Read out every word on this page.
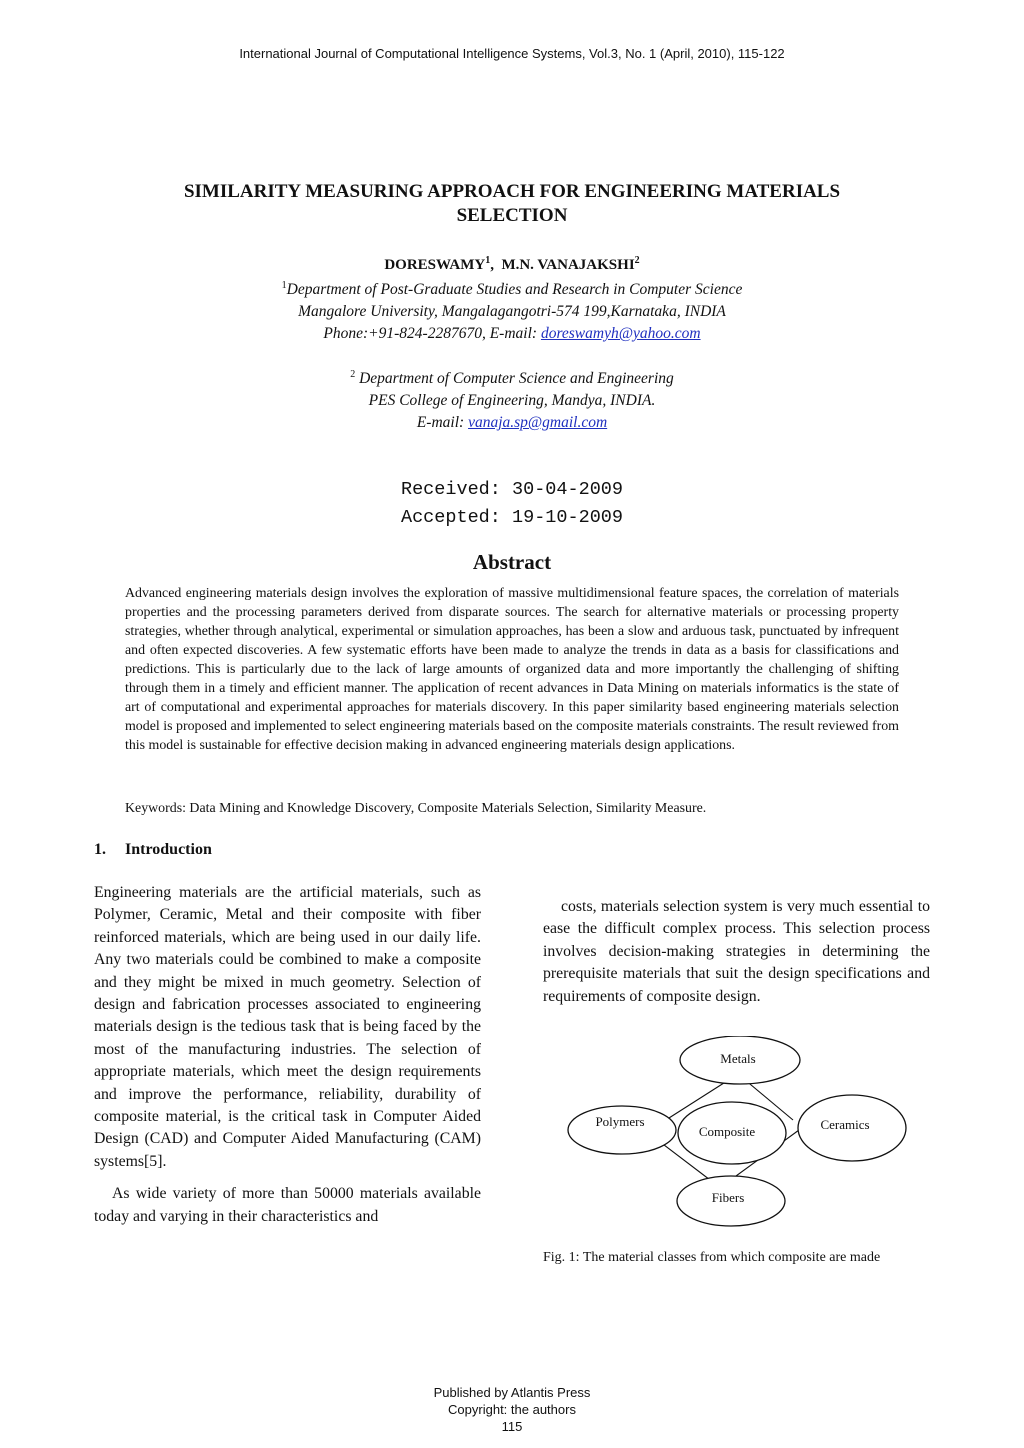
International Journal of Computational Intelligence Systems, Vol.3, No. 1 (April, 2010), 115-122
SIMILARITY MEASURING APPROACH FOR ENGINEERING MATERIALS
SELECTION
DORESWAMY$^1$, M.N. VANAJAKSHI$^2$
$^1$Department of Post-Graduate Studies and Research in Computer Science
Mangalore University, Mangalagangotri-574 199,Karnataka, INDIA
Phone:+91-824-2287670, E-mail: doreswamyh@yahoo.com
$^2$ Department of Computer Science and Engineering
PES College of Engineering, Mandya, INDIA.
E-mail: vanaja.sp@gmail.com
Received: 30-04-2009
Accepted: 19-10-2009
Abstract
Advanced engineering materials design involves the exploration of massive multidimensional feature spaces, the correlation of materials properties and the processing parameters derived from disparate sources. The search for alternative materials or processing property strategies, whether through analytical, experimental or simulation approaches, has been a slow and arduous task, punctuated by infrequent and often expected discoveries. A few systematic efforts have been made to analyze the trends in data as a basis for classifications and predictions. This is particularly due to the lack of large amounts of organized data and more importantly the challenging of shifting through them in a timely and efficient manner. The application of recent advances in Data Mining on materials informatics is the state of art of computational and experimental approaches for materials discovery. In this paper similarity based engineering materials selection model is proposed and implemented to select engineering materials based on the composite materials constraints. The result reviewed from this model is sustainable for effective decision making in advanced engineering materials design applications.
Keywords: Data Mining and Knowledge Discovery, Composite Materials Selection, Similarity Measure.
1. Introduction

Engineering materials are the artificial materials, such as Polymer, Ceramic, Metal and their composite with fiber reinforced materials, which are being used in our daily life. Any two materials could be combined to make a composite and they might be mixed in much geometry. Selection of design and fabrication processes associated to engineering materials design is the tedious task that is being faced by the most of the manufacturing industries. The selection of appropriate materials, which meet the design requirements and improve the performance, reliability, durability of composite material, is the critical task in Computer Aided Design (CAD) and Computer Aided Manufacturing (CAM) systems[5].

As wide variety of more than 50000 materials available today and varying in their characteristics and

costs, materials selection system is very much essential to ease the difficult complex process. This selection process involves decision-making strategies in determining the prerequisite materials that suit the design specifications and requirements of composite design.

Metals
Polymers
Composite	Ceramics
Fibers
Fig. 1: The material classes from which composite are made
Published by Atlantis Press
Copyright: the authors
115
